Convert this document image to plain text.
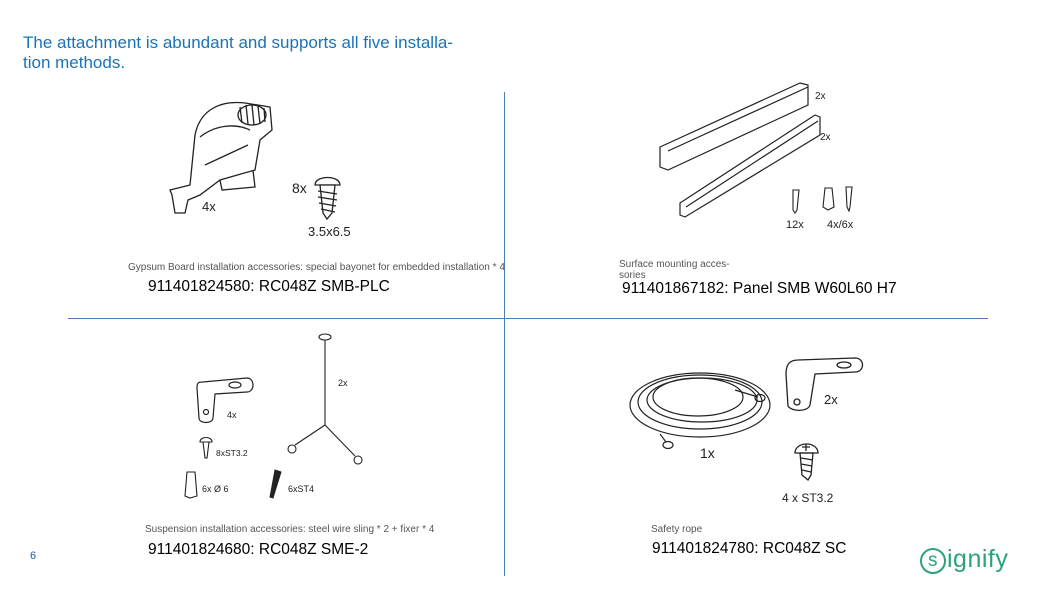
The attachment is abundant and supports all five installa-
tion methods.
4x
8x
3.5x6.5
Gypsum Board installation accessories: special bayonet for embedded installation * 4
911401824580: RC048Z SMB-PLC
2x
2x
12x 4x/6x
Surface mounting acces-
sories
911401867182: Panel SMB W60L60 H7
4x
8xST3.2
6x Ø 6	6xST4
2x
Suspension installation accessories: steel wire sling * 2 + fixer * 4
911401824680: RC048Z SME-2
1x
2x
4 x ST3.2
Safety rope
911401824780: RC048Z SC
6	s ignify
